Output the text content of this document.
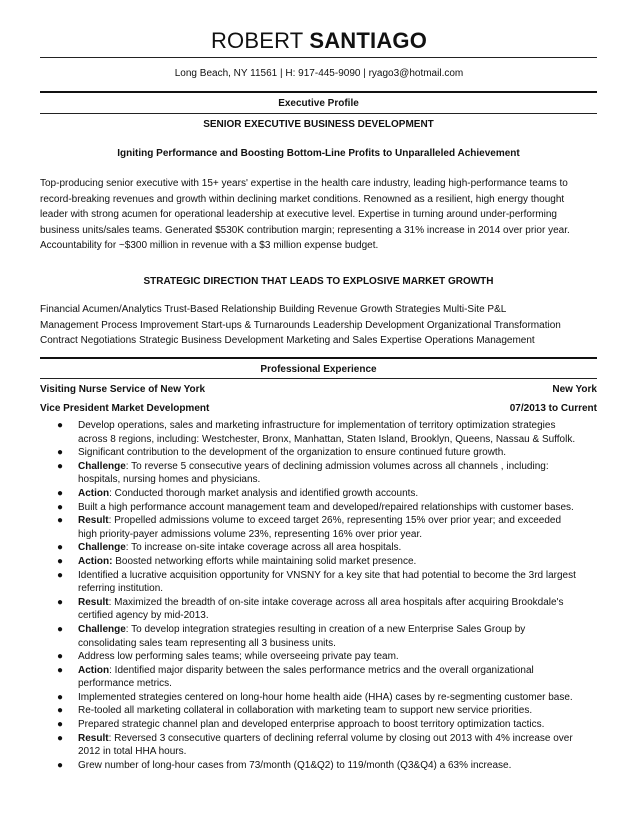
ROBERT SANTIAGO
Long Beach, NY 11561 | H: 917-445-9090 | ryago3@hotmail.com
Executive Profile
SENIOR EXECUTIVE BUSINESS DEVELOPMENT
Igniting Performance and Boosting Bottom-Line Profits to Unparalleled Achievement
Top-producing senior executive with 15+ years' expertise in the health care industry, leading high-performance teams to
record-breaking revenues and growth within declining market conditions. Renowned as a resilient, high energy thought
leader with strong acumen for operational leadership at executive level. Expertise in turning around under-performing
business units/sales teams. Generated $530K contribution margin; representing a 31% increase in 2014 over prior year.
Accountability for ~$300 million in revenue with a $3 million expense budget.
STRATEGIC DIRECTION THAT LEADS TO EXPLOSIVE MARKET GROWTH
Financial Acumen/Analytics Trust-Based Relationship Building Revenue Growth Strategies Multi-Site P&L
Management Process Improvement Start-ups & Turnarounds Leadership Development Organizational Transformation
Contract Negotiations Strategic Business Development Marketing and Sales Expertise Operations Management
Professional Experience
Visiting Nurse Service of New York	New York
Vice President Market Development	07/2013 to Current
● Develop operations, sales and marketing infrastructure for implementation of territory optimization strategies
across 8 regions, including: Westchester, Bronx, Manhattan, Staten Island, Brooklyn, Queens, Nassau & Suffolk.
● Significant contribution to the development of the organization to ensure continued future growth.
● Challenge: To reverse 5 consecutive years of declining admission volumes across all channels , including:
hospitals, nursing homes and physicians.
● Action: Conducted thorough market analysis and identified growth accounts.
● Built a high performance account management team and developed/repaired relationships with customer bases.
● Result: Propelled admissions volume to exceed target 26%, representing 15% over prior year; and exceeded
high priority-payer admissions volume 23%, representing 16% over prior year.
● Challenge: To increase on-site intake coverage across all area hospitals.
● Action: Boosted networking efforts while maintaining solid market presence.
● Identified a lucrative acquisition opportunity for VNSNY for a key site that had potential to become the 3rd largest
referring institution.
● Result: Maximized the breadth of on-site intake coverage across all area hospitals after acquiring Brookdale's
certified agency by mid-2013.
● Challenge: To develop integration strategies resulting in creation of a new Enterprise Sales Group by
consolidating sales team representing all 3 business units.
● Address low performing sales teams; while overseeing private pay team.
● Action: Identified major disparity between the sales performance metrics and the overall organizational
performance metrics.
● Implemented strategies centered on long-hour home health aide (HHA) cases by re-segmenting customer base.
● Re-tooled all marketing collateral in collaboration with marketing team to support new service priorities.
● Prepared strategic channel plan and developed enterprise approach to boost territory optimization tactics.
● Result: Reversed 3 consecutive quarters of declining referral volume by closing out 2013 with 4% increase over
2012 in total HHA hours.
● Grew number of long-hour cases from 73/month (Q1&Q2) to 119/month (Q3&Q4) a 63% increase.
